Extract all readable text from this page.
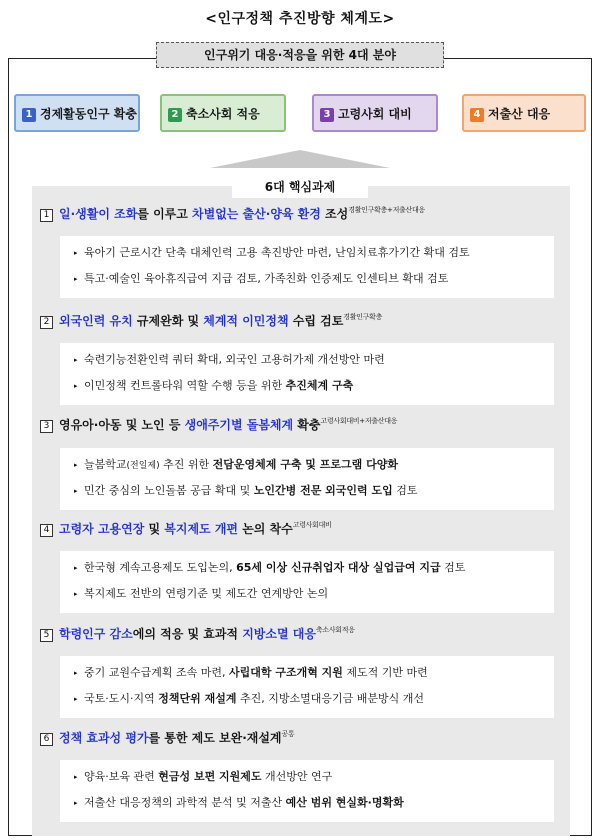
<인구정책 추진방향 체계도>
인구위기 대응·적응을 위한 4대 분야
1 경제활동인구 확충	2 축소사회 적응	3 고령사회 대비	4 저출산 대응
6대 핵심과제
1 일·생활이 조화를 이루고 차별없는 출산·양육 환경 조성$^{경활인구확충+저출산대응}$
▸ 육아기 근로시간 단축 대체인력 고용 촉진방안 마련, 난임치료휴가기간 확대 검토
▸ 특고·예술인 육아휴직급여 지급 검토, 가족친화 인증제도 인센티브 확대 검토
2 외국인력 유치 규제완화 및 체계적 이민정책 수립 검토$^{경활인구확충}$
▸ 숙련기능전환인력 쿼터 확대, 외국인 고용허가제 개선방안 마련
▸ 이민정책 컨트롤타워 역할 수행 등을 위한 추진체계 구축
3 영유아·아동 및 노인 등 생애주기별 돌봄체계 확충$^{고령사회대비+저출산대응}$
▸ 늘봄학교(전일제) 추진 위한 전담운영체제 구축 및 프로그램 다양화
▸ 민간 중심의 노인돌봄 공급 확대 및 노인간병 전문 외국인력 도입 검토
4 고령자 고용연장 및 복지제도 개편 논의 착수$^{고령사회대비}$
▸ 한국형 계속고용제도 도입논의, 65세 이상 신규취업자 대상 실업급여 지급 검토
▸ 복지제도 전반의 연령기준 및 제도간 연계방안 논의
5 학령인구 감소에의 적응 및 효과적 지방소멸 대응$^{축소사회적응}$
▸ 중기 교원수급계획 조속 마련, 사립대학 구조개혁 지원 제도적 기반 마련
▸ 국토·도시·지역 정책단위 재설계 추진, 지방소멸대응기금 배분방식 개선
6 정책 효과성 평가를 통한 제도 보완·재설계$^{공통}$
▸ 양육·보육 관련 현금성 보편 지원제도 개선방안 연구
▸ 저출산 대응정책의 과학적 분석 및 저출산 예산 범위 현실화·명확화
